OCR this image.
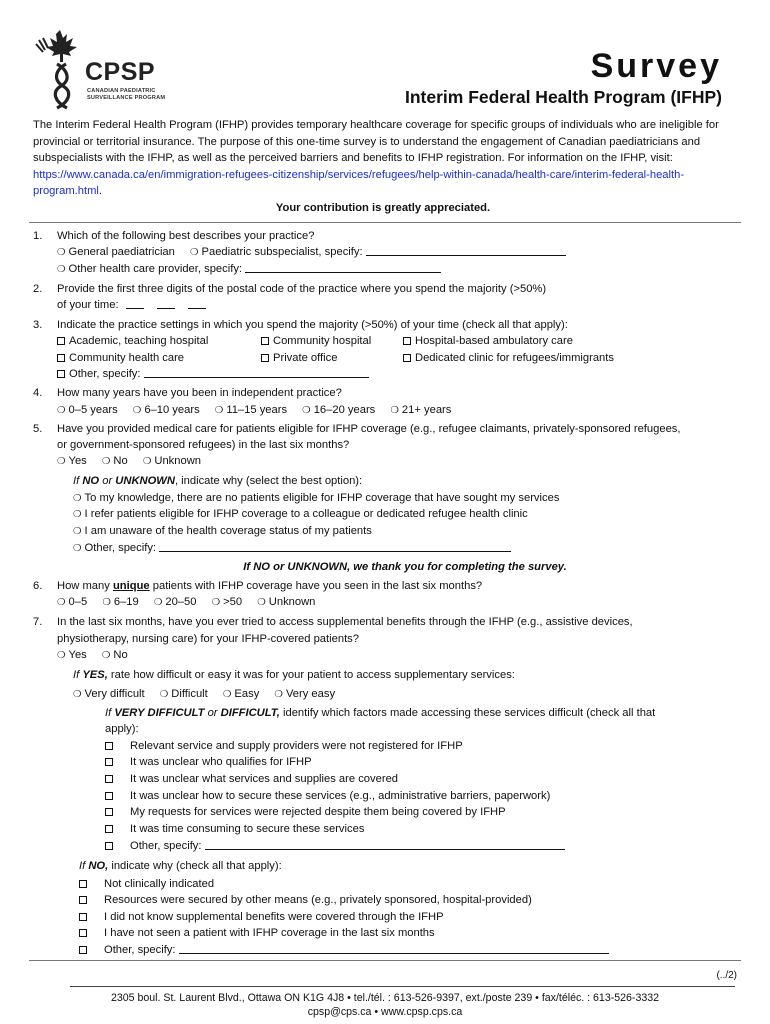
CPSP
CANADIAN PAEDIATRIC
SURVEILLANCE PROGRAM
Survey
Interim Federal Health Program (IFHP)

The Interim Federal Health Program (IFHP) provides temporary healthcare coverage for specific groups of individuals who are ineligible for provincial or territorial insurance. The purpose of this one-time survey is to understand the engagement of Canadian paediatricians and subspecialists with the IFHP, as well as the perceived barriers and benefits to IFHP registration. For information on the IFHP, visit: https://www.canada.ca/en/immigration-refugees-citizenship/services/refugees/help-within-canada/health-care/interim-federal-health-program.html.

Your contribution is greatly appreciated.

1. Which of the following best describes your practice?
❍ General paediatrician ❍ Paediatric subspecialist, specify:
❍ Other health care provider, specify:
2. Provide the first three digits of the postal code of the practice where you spend the majority (>50%)
of your time:
3. Indicate the practice settings in which you spend the majority (>50%) of your time (check all that apply):
Academic, teaching hospital	Community hospital	Hospital-based ambulatory care
Community health care	Private office	Dedicated clinic for refugees/immigrants
Other, specify:
4. How many years have you been in independent practice?
❍ 0–5 years ❍ 6–10 years ❍ 11–15 years ❍ 16–20 years ❍ 21+ years
5. Have you provided medical care for patients eligible for IFHP coverage (e.g., refugee claimants, privately-sponsored refugees,
or government-sponsored refugees) in the last six months?
❍ Yes ❍ No ❍ Unknown
If NO or UNKNOWN, indicate why (select the best option):
❍ To my knowledge, there are no patients eligible for IFHP coverage that have sought my services
❍ I refer patients eligible for IFHP coverage to a colleague or dedicated refugee health clinic
❍ I am unaware of the health coverage status of my patients
❍ Other, specify:
If NO or UNKNOWN, we thank you for completing the survey.
6. How many unique patients with IFHP coverage have you seen in the last six months?
❍ 0–5 ❍ 6–19 ❍ 20–50 ❍ >50 ❍ Unknown
7. In the last six months, have you ever tried to access supplemental benefits through the IFHP (e.g., assistive devices,
physiotherapy, nursing care) for your IFHP-covered patients?
❍ Yes ❍ No
If YES, rate how difficult or easy it was for your patient to access supplementary services:
❍ Very difficult ❍ Difficult ❍ Easy ❍ Very easy
If VERY DIFFICULT or DIFFICULT, identify which factors made accessing these services difficult (check all that
apply):
Relevant service and supply providers were not registered for IFHP
It was unclear who qualifies for IFHP
It was unclear what services and supplies are covered
It was unclear how to secure these services (e.g., administrative barriers, paperwork)
My requests for services were rejected despite them being covered by IFHP
It was time consuming to secure these services
Other, specify:
If NO, indicate why (check all that apply):
Not clinically indicated
Resources were secured by other means (e.g., privately sponsored, hospital-provided)
I did not know supplemental benefits were covered through the IFHP
I have not seen a patient with IFHP coverage in the last six months
Other, specify:
(../2)
2305 boul. St. Laurent Blvd., Ottawa ON K1G 4J8 • tel./tél. : 613-526-9397, ext./poste 239 • fax/téléc. : 613-526-3332
cpsp@cps.ca • www.cpsp.cps.ca
